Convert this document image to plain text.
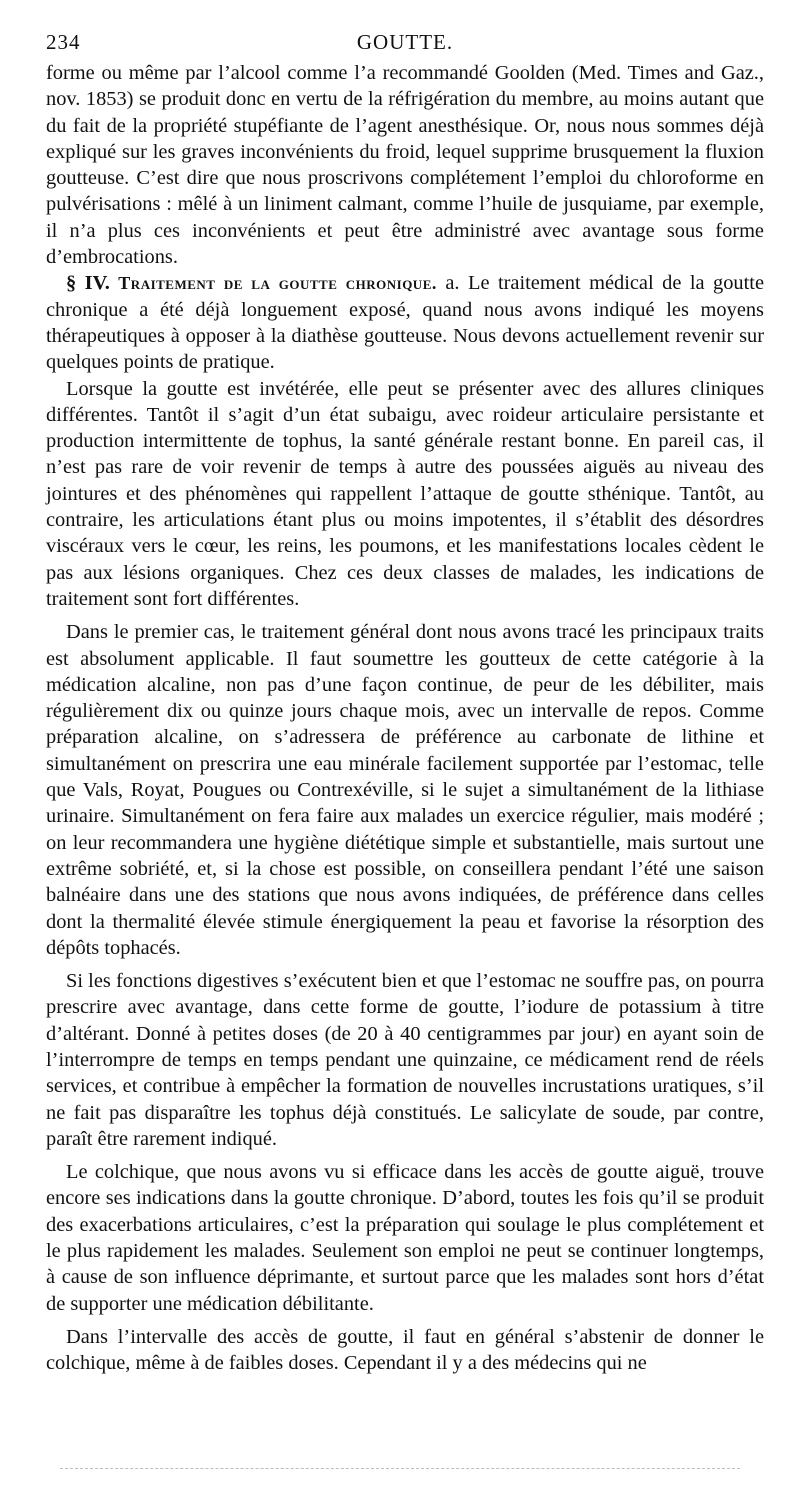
234	GOUTTE.

forme ou même par l’alcool comme l’a recommandé Goolden (Med. Times and Gaz., nov. 1853) se produit donc en vertu de la réfrigération du membre, au moins autant que du fait de la propriété stupéfiante de l’agent anesthésique. Or, nous nous sommes déjà expliqué sur les graves inconvénients du froid, lequel supprime brusquement la fluxion goutteuse. C’est dire que nous proscrivons complétement l’emploi du chloroforme en pulvérisations : mêlé à un liniment calmant, comme l’huile de jusquiame, par exemple, il n’a plus ces inconvénients et peut être administré avec avantage sous forme d’embrocations.

§ IV. Traitement de la goutte chronique. a. Le traitement médical de la goutte chronique a été déjà longuement exposé, quand nous avons indiqué les moyens thérapeutiques à opposer à la diathèse goutteuse. Nous devons actuellement revenir sur quelques points de pratique.

Lorsque la goutte est invétérée, elle peut se présenter avec des allures cliniques différentes. Tantôt il s’agit d’un état subaigu, avec roideur articulaire persistante et production intermittente de tophus, la santé générale restant bonne. En pareil cas, il n’est pas rare de voir revenir de temps à autre des poussées aiguës au niveau des jointures et des phénomènes qui rappellent l’attaque de goutte sthénique. Tantôt, au contraire, les articulations étant plus ou moins impotentes, il s’établit des désordres viscéraux vers le cœur, les reins, les poumons, et les manifestations locales cèdent le pas aux lésions organiques. Chez ces deux classes de malades, les indications de traitement sont fort différentes.

Dans le premier cas, le traitement général dont nous avons tracé les principaux traits est absolument applicable. Il faut soumettre les goutteux de cette catégorie à la médication alcaline, non pas d’une façon continue, de peur de les débiliter, mais régulièrement dix ou quinze jours chaque mois, avec un intervalle de repos. Comme préparation alcaline, on s’adressera de préférence au carbonate de lithine et simultanément on prescrira une eau minérale facilement supportée par l’estomac, telle que Vals, Royat, Pougues ou Contrexéville, si le sujet a simultanément de la lithiase urinaire. Simultanément on fera faire aux malades un exercice régulier, mais modéré ; on leur recommandera une hygiène diététique simple et substantielle, mais surtout une extrême sobriété, et, si la chose est possible, on conseillera pendant l’été une saison balnéaire dans une des stations que nous avons indiquées, de préférence dans celles dont la thermalité élevée stimule énergiquement la peau et favorise la résorption des dépôts tophacés.

Si les fonctions digestives s’exécutent bien et que l’estomac ne souffre pas, on pourra prescrire avec avantage, dans cette forme de goutte, l’iodure de potassium à titre d’altérant. Donné à petites doses (de 20 à 40 centigrammes par jour) en ayant soin de l’interrompre de temps en temps pendant une quinzaine, ce médicament rend de réels services, et contribue à empêcher la formation de nouvelles incrustations uratiques, s’il ne fait pas disparaître les tophus déjà constitués. Le salicylate de soude, par contre, paraît être rarement indiqué.

Le colchique, que nous avons vu si efficace dans les accès de goutte aiguë, trouve encore ses indications dans la goutte chronique. D’abord, toutes les fois qu’il se produit des exacerbations articulaires, c’est la préparation qui soulage le plus complétement et le plus rapidement les malades. Seulement son emploi ne peut se continuer longtemps, à cause de son influence déprimante, et surtout parce que les malades sont hors d’état de supporter une médication débilitante.

Dans l’intervalle des accès de goutte, il faut en général s’abstenir de donner le colchique, même à de faibles doses. Cependant il y a des médecins qui ne
